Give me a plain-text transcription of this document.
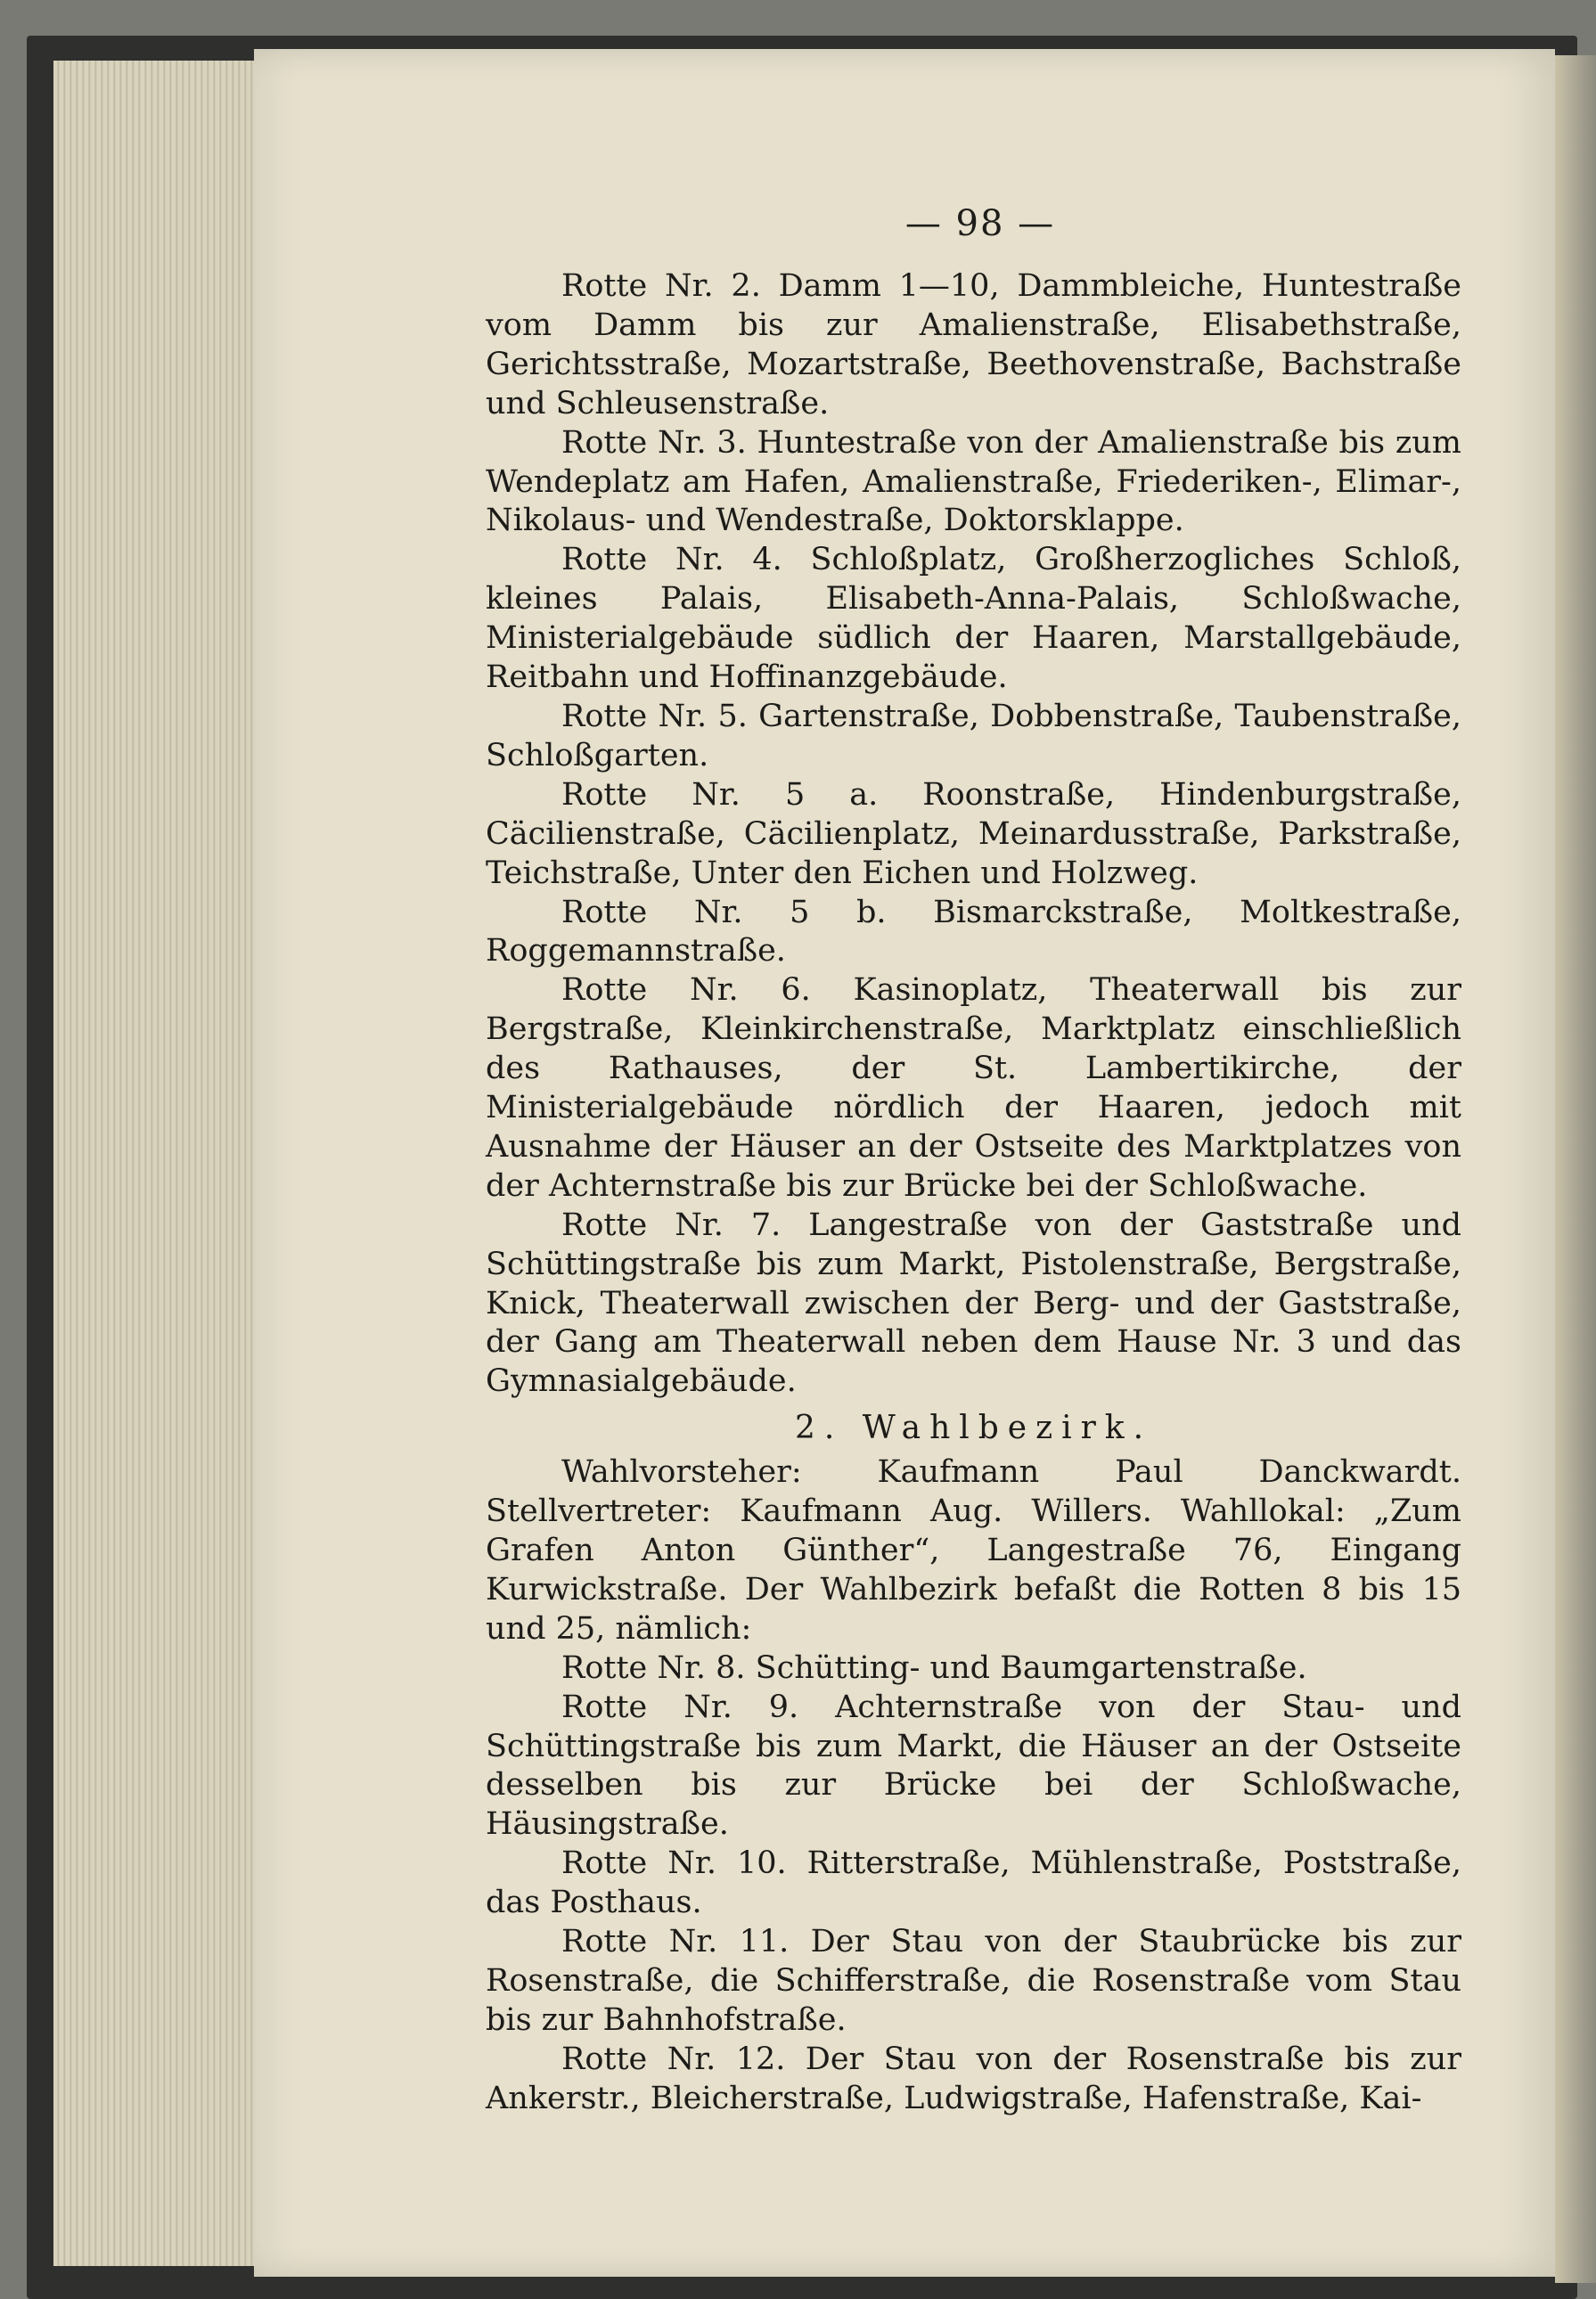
— 98 —

Rotte Nr. 2. Damm 1—10, Dammbleiche, Huntestraße vom Damm bis zur Amalienstraße, Elisabethstraße, Gerichtsstraße, Mozartstraße, Beethovenstraße, Bachstraße und Schleusenstraße.

Rotte Nr. 3. Huntestraße von der Amalienstraße bis zum Wendeplatz am Hafen, Amalienstraße, Friederiken-, Elimar-, Nikolaus- und Wendestraße, Doktorsklappe.

Rotte Nr. 4. Schloßplatz, Großherzogliches Schloß, kleines Palais, Elisabeth-Anna-Palais, Schloßwache, Ministerialgebäude südlich der Haaren, Marstallgebäude, Reitbahn und Hoffinanzgebäude.

Rotte Nr. 5. Gartenstraße, Dobbenstraße, Taubenstraße, Schloßgarten.

Rotte Nr. 5 a. Roonstraße, Hindenburgstraße, Cäcilienstraße, Cäcilienplatz, Meinardusstraße, Parkstraße, Teichstraße, Unter den Eichen und Holzweg.

Rotte Nr. 5 b. Bismarckstraße, Moltkestraße, Roggemannstraße.

Rotte Nr. 6. Kasinoplatz, Theaterwall bis zur Bergstraße, Kleinkirchenstraße, Marktplatz einschließlich des Rathauses, der St. Lambertikirche, der Ministerialgebäude nördlich der Haaren, jedoch mit Ausnahme der Häuser an der Ostseite des Marktplatzes von der Achternstraße bis zur Brücke bei der Schloßwache.

Rotte Nr. 7. Langestraße von der Gaststraße und Schüttingstraße bis zum Markt, Pistolenstraße, Bergstraße, Knick, Theaterwall zwischen der Berg- und der Gaststraße, der Gang am Theaterwall neben dem Hause Nr. 3 und das Gymnasialgebäude.

2. Wahlbezirk.

Wahlvorsteher: Kaufmann Paul Danckwardt. Stellvertreter: Kaufmann Aug. Willers. Wahllokal: „Zum Grafen Anton Günther“, Langestraße 76, Eingang Kurwickstraße. Der Wahlbezirk befaßt die Rotten 8 bis 15 und 25, nämlich:

Rotte Nr. 8. Schütting- und Baumgartenstraße.

Rotte Nr. 9. Achternstraße von der Stau- und Schüttingstraße bis zum Markt, die Häuser an der Ostseite desselben bis zur Brücke bei der Schloßwache, Häusingstraße.

Rotte Nr. 10. Ritterstraße, Mühlenstraße, Poststraße, das Posthaus.

Rotte Nr. 11. Der Stau von der Staubrücke bis zur Rosenstraße, die Schifferstraße, die Rosenstraße vom Stau bis zur Bahnhofstraße.

Rotte Nr. 12. Der Stau von der Rosenstraße bis zur Ankerstr., Bleicherstraße, Ludwigstraße, Hafenstraße, Kai-
